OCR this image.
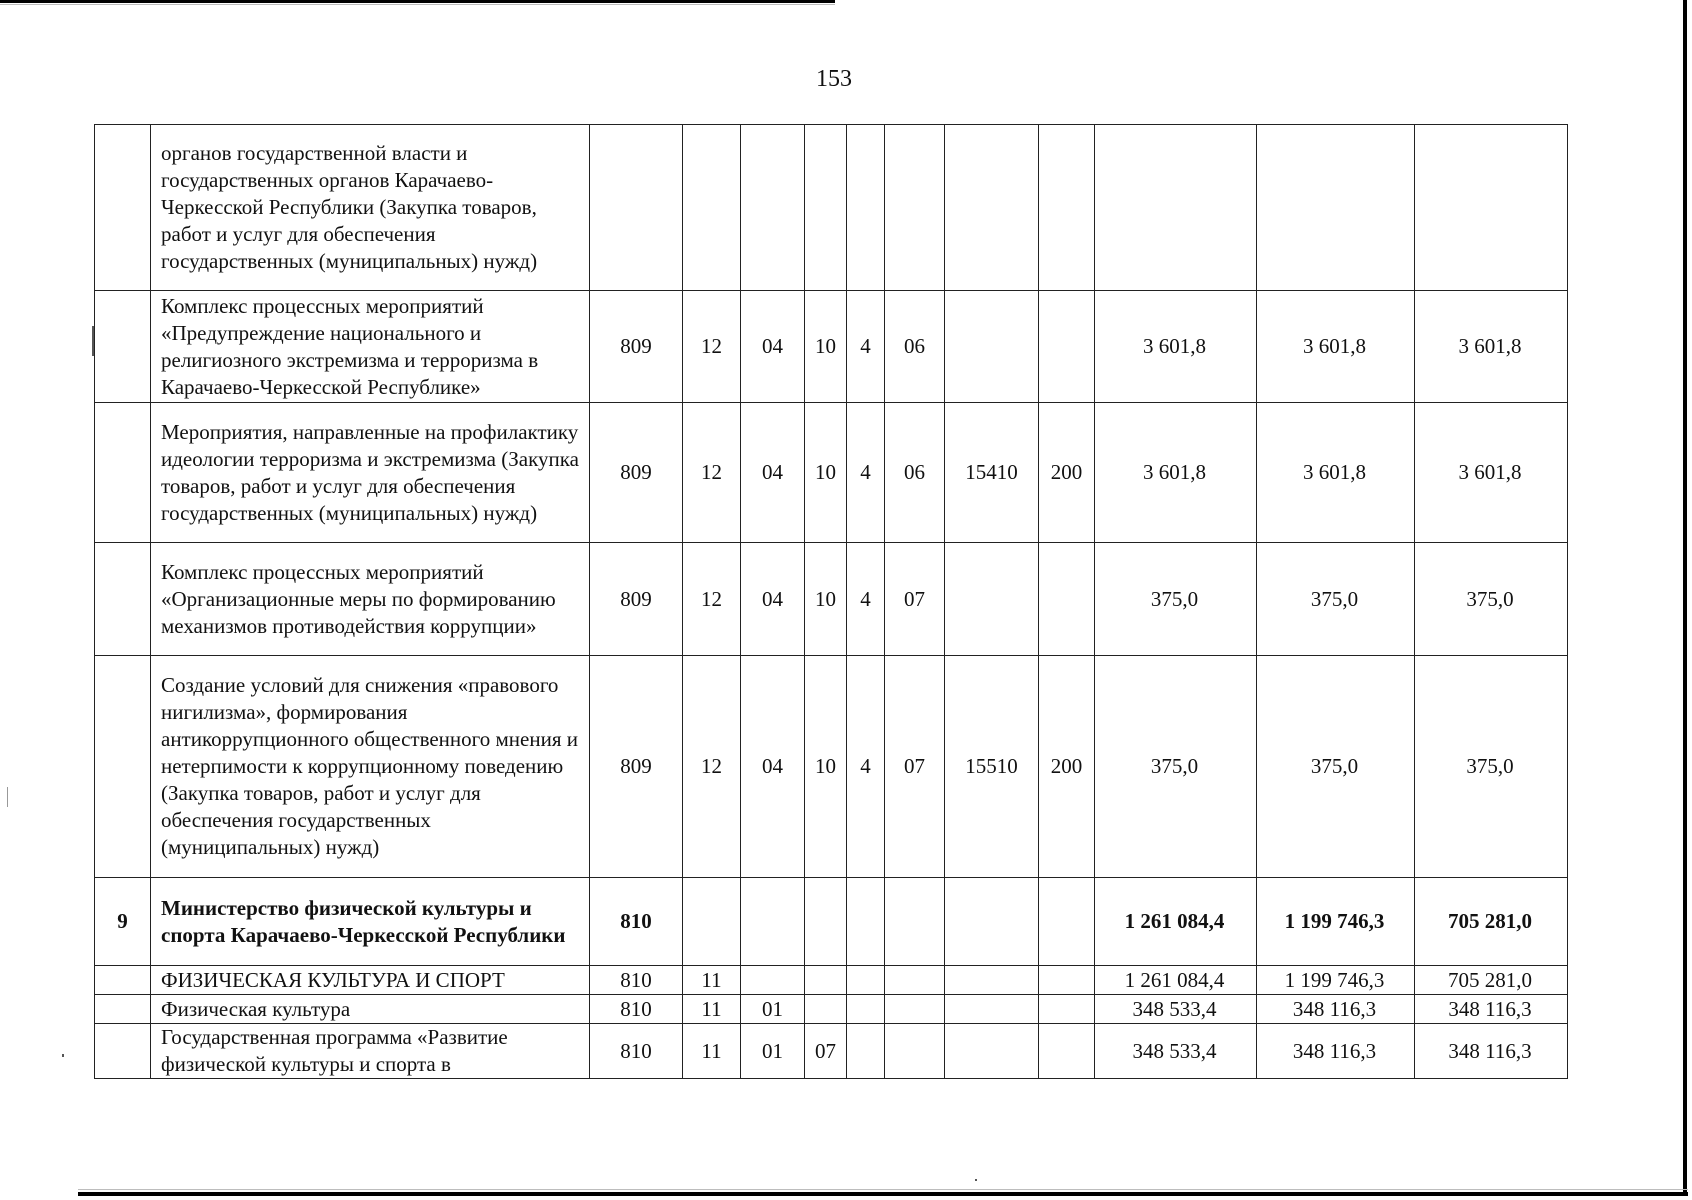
153
	органов государственной власти и государственных органов Карачаево-Черкесской Республики (Закупка товаров, работ и услуг для обеспечения государственных (муниципальных) нужд)											
	Комплекс процессных мероприятий «Предупреждение национального и религиозного экстремизма и терроризма в Карачаево-Черкесской Республике»	809	12	04	10	4	06			3 601,8	3 601,8	3 601,8
	Мероприятия, направленные на профилактику идеологии терроризма и экстремизма (Закупка товаров, работ и услуг для обеспечения государственных (муниципальных) нужд)	809	12	04	10	4	06	15410	200	3 601,8	3 601,8	3 601,8
	Комплекс процессных мероприятий «Организационные меры по формированию механизмов противодействия коррупции»	809	12	04	10	4	07			375,0	375,0	375,0
	Создание условий для снижения «правового нигилизма», формирования антикоррупционного общественного мнения и нетерпимости к коррупционному поведению (Закупка товаров, работ и услуг для обеспечения государственных (муниципальных) нужд)	809	12	04	10	4	07	15510	200	375,0	375,0	375,0
9	Министерство физической культуры и спорта Карачаево-Черкесской Республики	810								1 261 084,4	1 199 746,3	705 281,0
	ФИЗИЧЕСКАЯ КУЛЬТУРА И СПОРТ	810	11							1 261 084,4	1 199 746,3	705 281,0
	Физическая культура	810	11	01						348 533,4	348 116,3	348 116,3
	Государственная программа «Развитие физической культуры и спорта в	810	11	01	07					348 533,4	348 116,3	348 116,3
